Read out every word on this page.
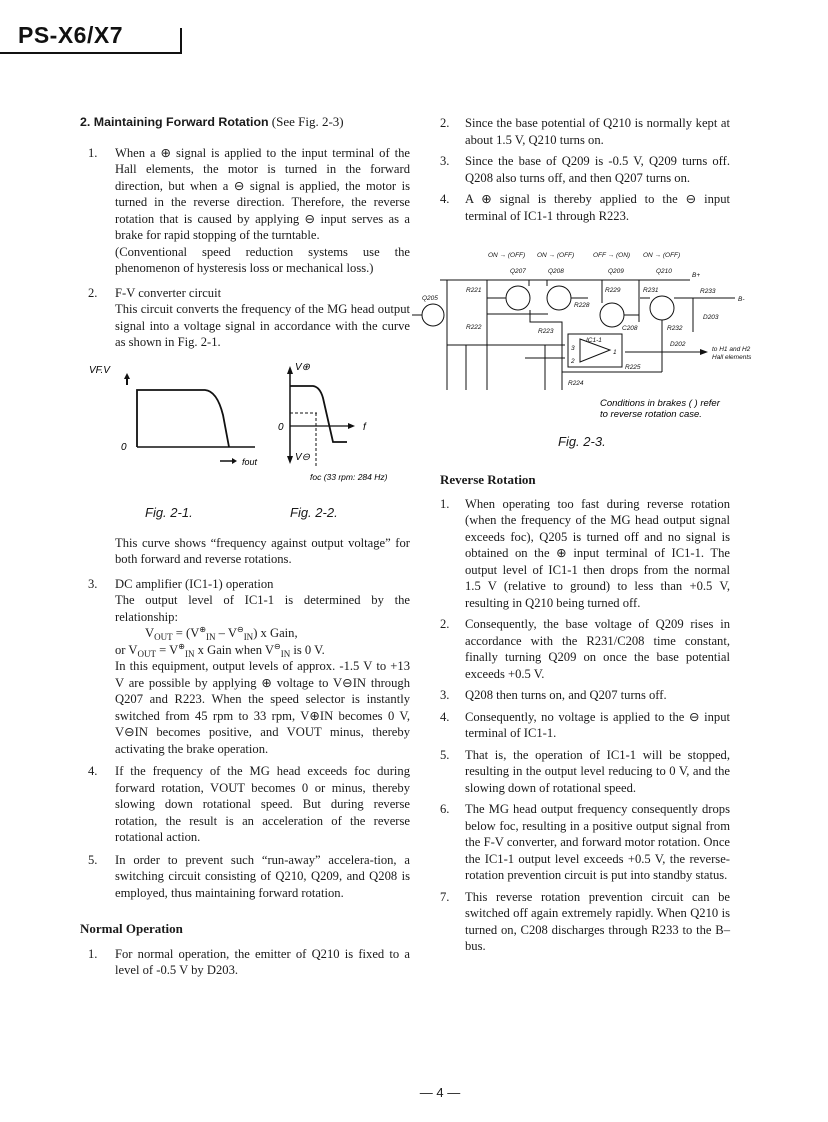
PS-X6/X7
2. Maintaining Forward Rotation (See Fig. 2-3)
1.	When a ⊕ signal is applied to the input terminal of the Hall elements, the motor is turned in the forward direction, but when a ⊖ signal is applied, the motor is turned in the reverse direction. Therefore, the reverse rotation that is caused by applying ⊖ input serves as a brake for rapid stopping of the turntable.

(Conventional speed reduction systems use the phenomenon of hysteresis loss or mechanical loss.)

2.	F-V converter circuit

This circuit converts the frequency of the MG head output signal into a voltage signal in accordance with the curve as shown in Fig. 2-1.

VF.V
0
fout
Fig. 2-1.
V⊕
V⊖
0	f
foc (33 rpm: 284 Hz)
Fig. 2-2.
This curve shows “frequency against output voltage” for both forward and reverse rotations.
3.	DC amplifier (IC1-1) operation

The output level of IC1-1 is determined by the relationship:

$V_{OUT} = (V^\oplus_{IN} - V^⊖_{IN})$ x Gain,

or $V_{OUT} = V^\oplus_{IN}$ x Gain when $V^⊖_{IN}$ is 0 V.

In this equipment, output levels of approx. -1.5 V to +13 V are possible by applying ⊕ voltage to V⊖IN through Q207 and R223. When the speed selector is instantly switched from 45 rpm to 33 rpm, V⊕IN becomes 0 V, V⊖IN becomes positive, and VOUT minus, thereby activating the brake operation.

4.	If the frequency of the MG head exceeds foc during forward rotation, VOUT becomes 0 or minus, thereby slowing down rotational speed. But during reverse rotation, the result is an acceleration of the reverse rotational action.
5.	In order to prevent such “run-away” accelera-tion, a switching circuit consisting of Q210, Q209, and Q208 is employed, thus maintaining forward rotation.
Normal Operation
1.	For normal operation, the emitter of Q210 is fixed to a level of -0.5 V by D203.
2.	Since the base potential of Q210 is normally kept at about 1.5 V, Q210 turns on.
3.	Since the base of Q209 is -0.5 V, Q209 turns off. Q208 also turns off, and then Q207 turns on.
4.	A ⊕ signal is thereby applied to the ⊖ input terminal of IC1-1 through R223.
ON → (OFF) ON → (OFF)	OFF → (ON) ON → (OFF)
Q207	Q208	Q209	Q210
Q205
R221
R222
R223
R228
R229	R231	R233
R232
C208
D203
D202
R225
R224
IC1-1
B+
B-
3
2
1	to H1 and H2
Hall elements
Conditions in brakes ( ) refer
to reverse rotation case.
Fig. 2-3.
Reverse Rotation
1.	When operating too fast during reverse rotation (when the frequency of the MG head output signal exceeds foc), Q205 is turned off and no signal is obtained on the ⊕ input terminal of IC1-1. The output level of IC1-1 then drops from the normal 1.5 V (relative to ground) to less than +0.5 V, resulting in Q210 being turned off.
2.	Consequently, the base voltage of Q209 rises in accordance with the R231/C208 time constant, finally turning Q209 on once the base potential exceeds +0.5 V.
3.	Q208 then turns on, and Q207 turns off.
4.	Consequently, no voltage is applied to the ⊖ input terminal of IC1-1.
5.	That is, the operation of IC1-1 will be stopped, resulting in the output level reducing to 0 V, and the slowing down of rotational speed.
6.	The MG head output frequency consequently drops below foc, resulting in a positive output signal from the F-V converter, and forward motor rotation. Once the IC1-1 output level exceeds +0.5 V, the reverse-rotation prevention circuit is put into standby status.
7.	This reverse rotation prevention circuit can be switched off again extremely rapidly. When Q210 is turned on, C208 discharges through R233 to the B– bus.
— 4 —
